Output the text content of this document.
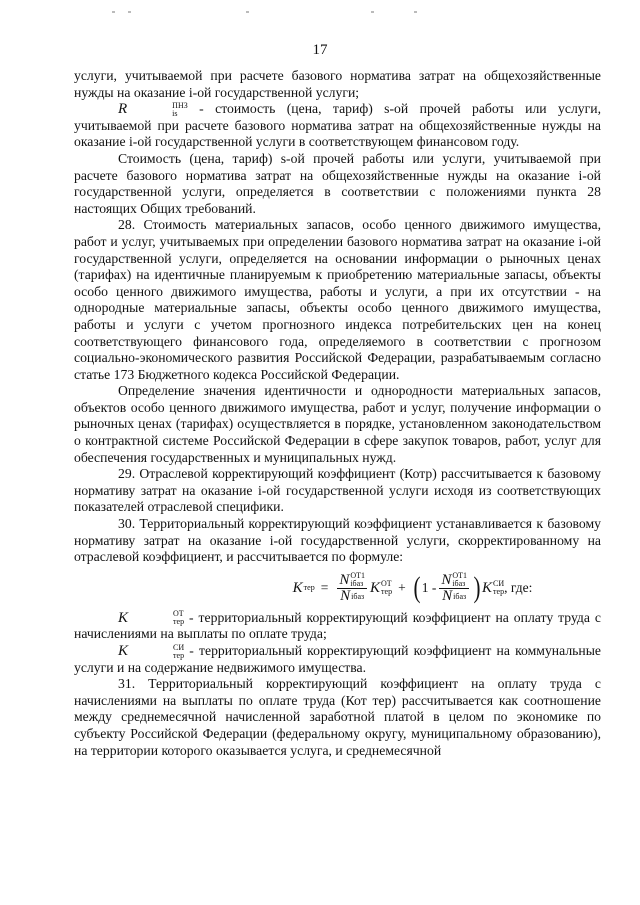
17

услуги, учитываемой при расчете базового норматива затрат на общехозяйственные нужды на оказание i-ой государственной услуги;

R	ПНЗ
is - стоимость (цена, тариф) s-ой прочей работы или услуги, учитываемой при расчете базового норматива затрат на общехозяйственные нужды на оказание i-ой государственной услуги в соответствующем финансовом году.

Стоимость (цена, тариф) s-ой прочей работы или услуги, учитываемой при расчете базового норматива затрат на общехозяйственные нужды на оказание i-ой государственной услуги, определяется в соответствии с положениями пункта 28 настоящих Общих требований.

28. Стоимость материальных запасов, особо ценного движимого имущества, работ и услуг, учитываемых при определении базового норматива затрат на оказание i-ой государственной услуги, определяется на основании информации о рыночных ценах (тарифах) на идентичные планируемым к приобретению материальные запасы, объекты особо ценного движимого имущества, работы и услуги, а при их отсутствии - на однородные материальные запасы, объекты особо ценного движимого имущества, работы и услуги с учетом прогнозного индекса потребительских цен на конец соответствующего финансового года, определяемого в соответствии с прогнозом социально-экономического развития Российской Федерации, разрабатываемым согласно статье 173 Бюджетного кодекса Российской Федерации.

Определение значения идентичности и однородности материальных запасов, объектов особо ценного движимого имущества, работ и услуг, получение информации о рыночных ценах (тарифах) осуществляется в порядке, установленном законодательством о контрактной системе Российской Федерации в сфере закупок товаров, работ, услуг для обеспечения государственных и муниципальных нужд.

29. Отраслевой корректирующий коэффициент (Котр) рассчитывается к базовому нормативу затрат на оказание i-ой государственной услуги исходя из соответствующих показателей отраслевой специфики.

30. Территориальный корректирующий коэффициент устанавливается к базовому нормативу затрат на оказание i-ой государственной услуги, скорректированному на отраслевой коэффициент, и рассчитывается по формуле:

K тер = N ОТ1
iбаз
N iбаз K ОТ
тер + ( 1 - N ОТ1
iбаз
N iбаз ) K СИ
тер , где:

K	ОТ
тер - территориальный корректирующий коэффициент на оплату труда с начислениями на выплаты по оплате труда;

K	СИ
тер - территориальный корректирующий коэффициент на коммунальные услуги и на содержание недвижимого имущества.

31. Территориальный корректирующий коэффициент на оплату труда с начислениями на выплаты по оплате труда (Кот тер) рассчитывается как соотношение между среднемесячной начисленной заработной платой в целом по экономике по субъекту Российской Федерации (федеральному округу, муниципальному образованию), на территории которого оказывается услуга, и среднемесячной
